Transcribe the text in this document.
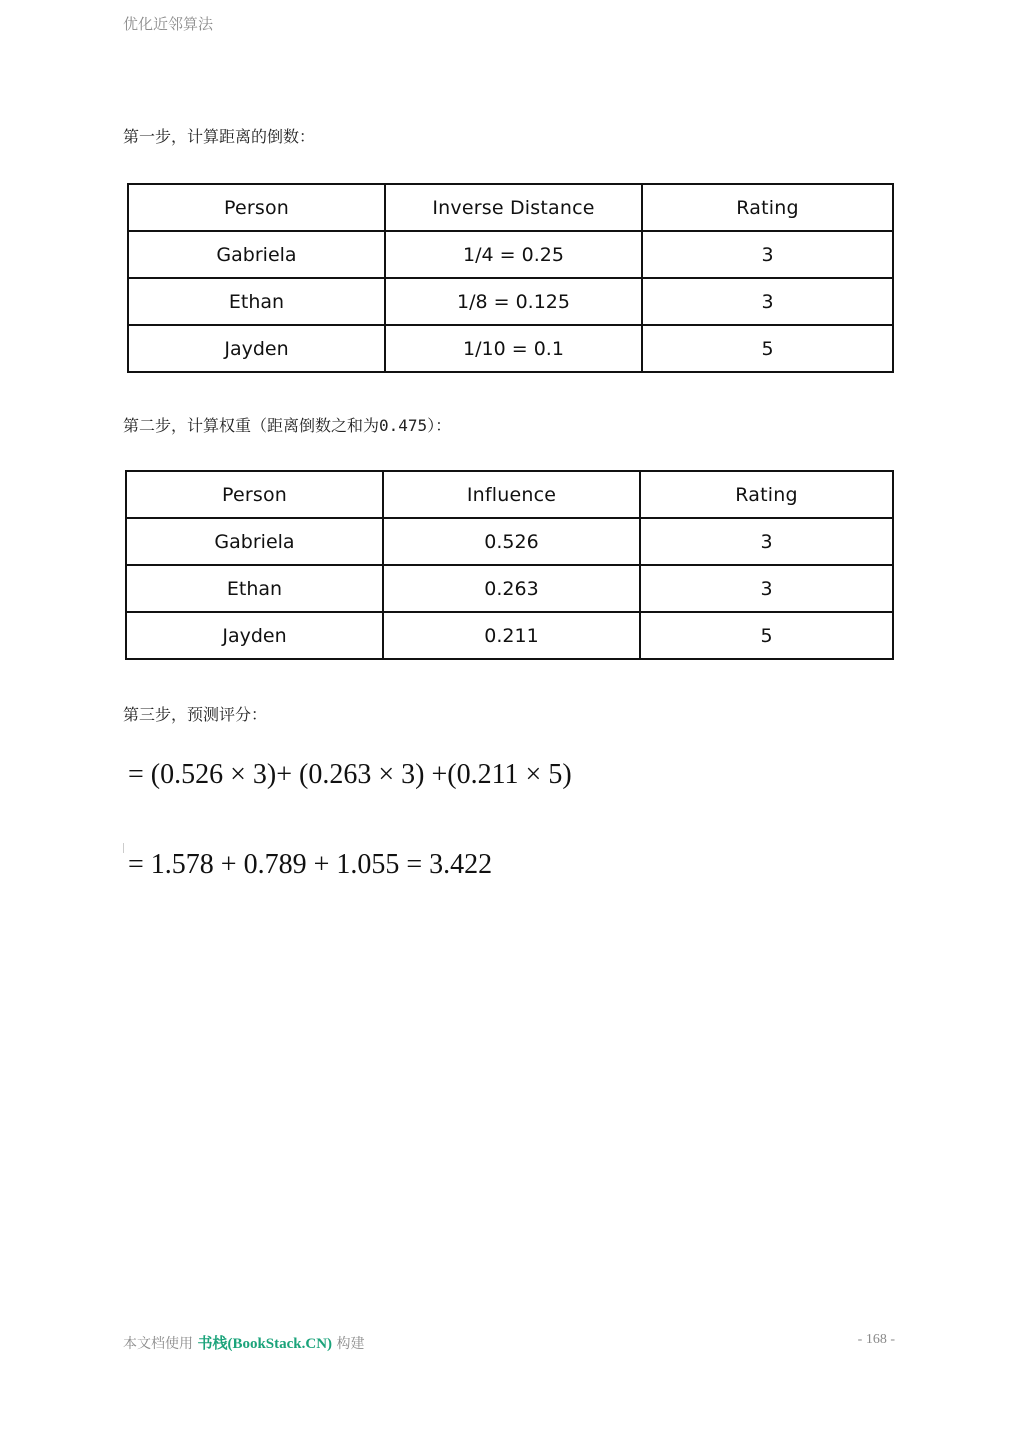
优化近邻算法
第一步，计算距离的倒数：
Person	Inverse Distance	Rating
Gabriela	1/4 = 0.25	3
Ethan	1/8 = 0.125	3
Jayden	1/10 = 0.1	5
第二步，计算权重（距离倒数之和为0.475）：
Person	Influence	Rating
Gabriela	0.526	3
Ethan	0.263	3
Jayden	0.211	5
第三步，预测评分：
= (0.526 × 3)+ (0.263 × 3) +(0.211 × 5)
= 1.578 + 0.789 + 1.055 = 3.422
本文档使用 书栈(BookStack.CN) 构建	- 168 -
